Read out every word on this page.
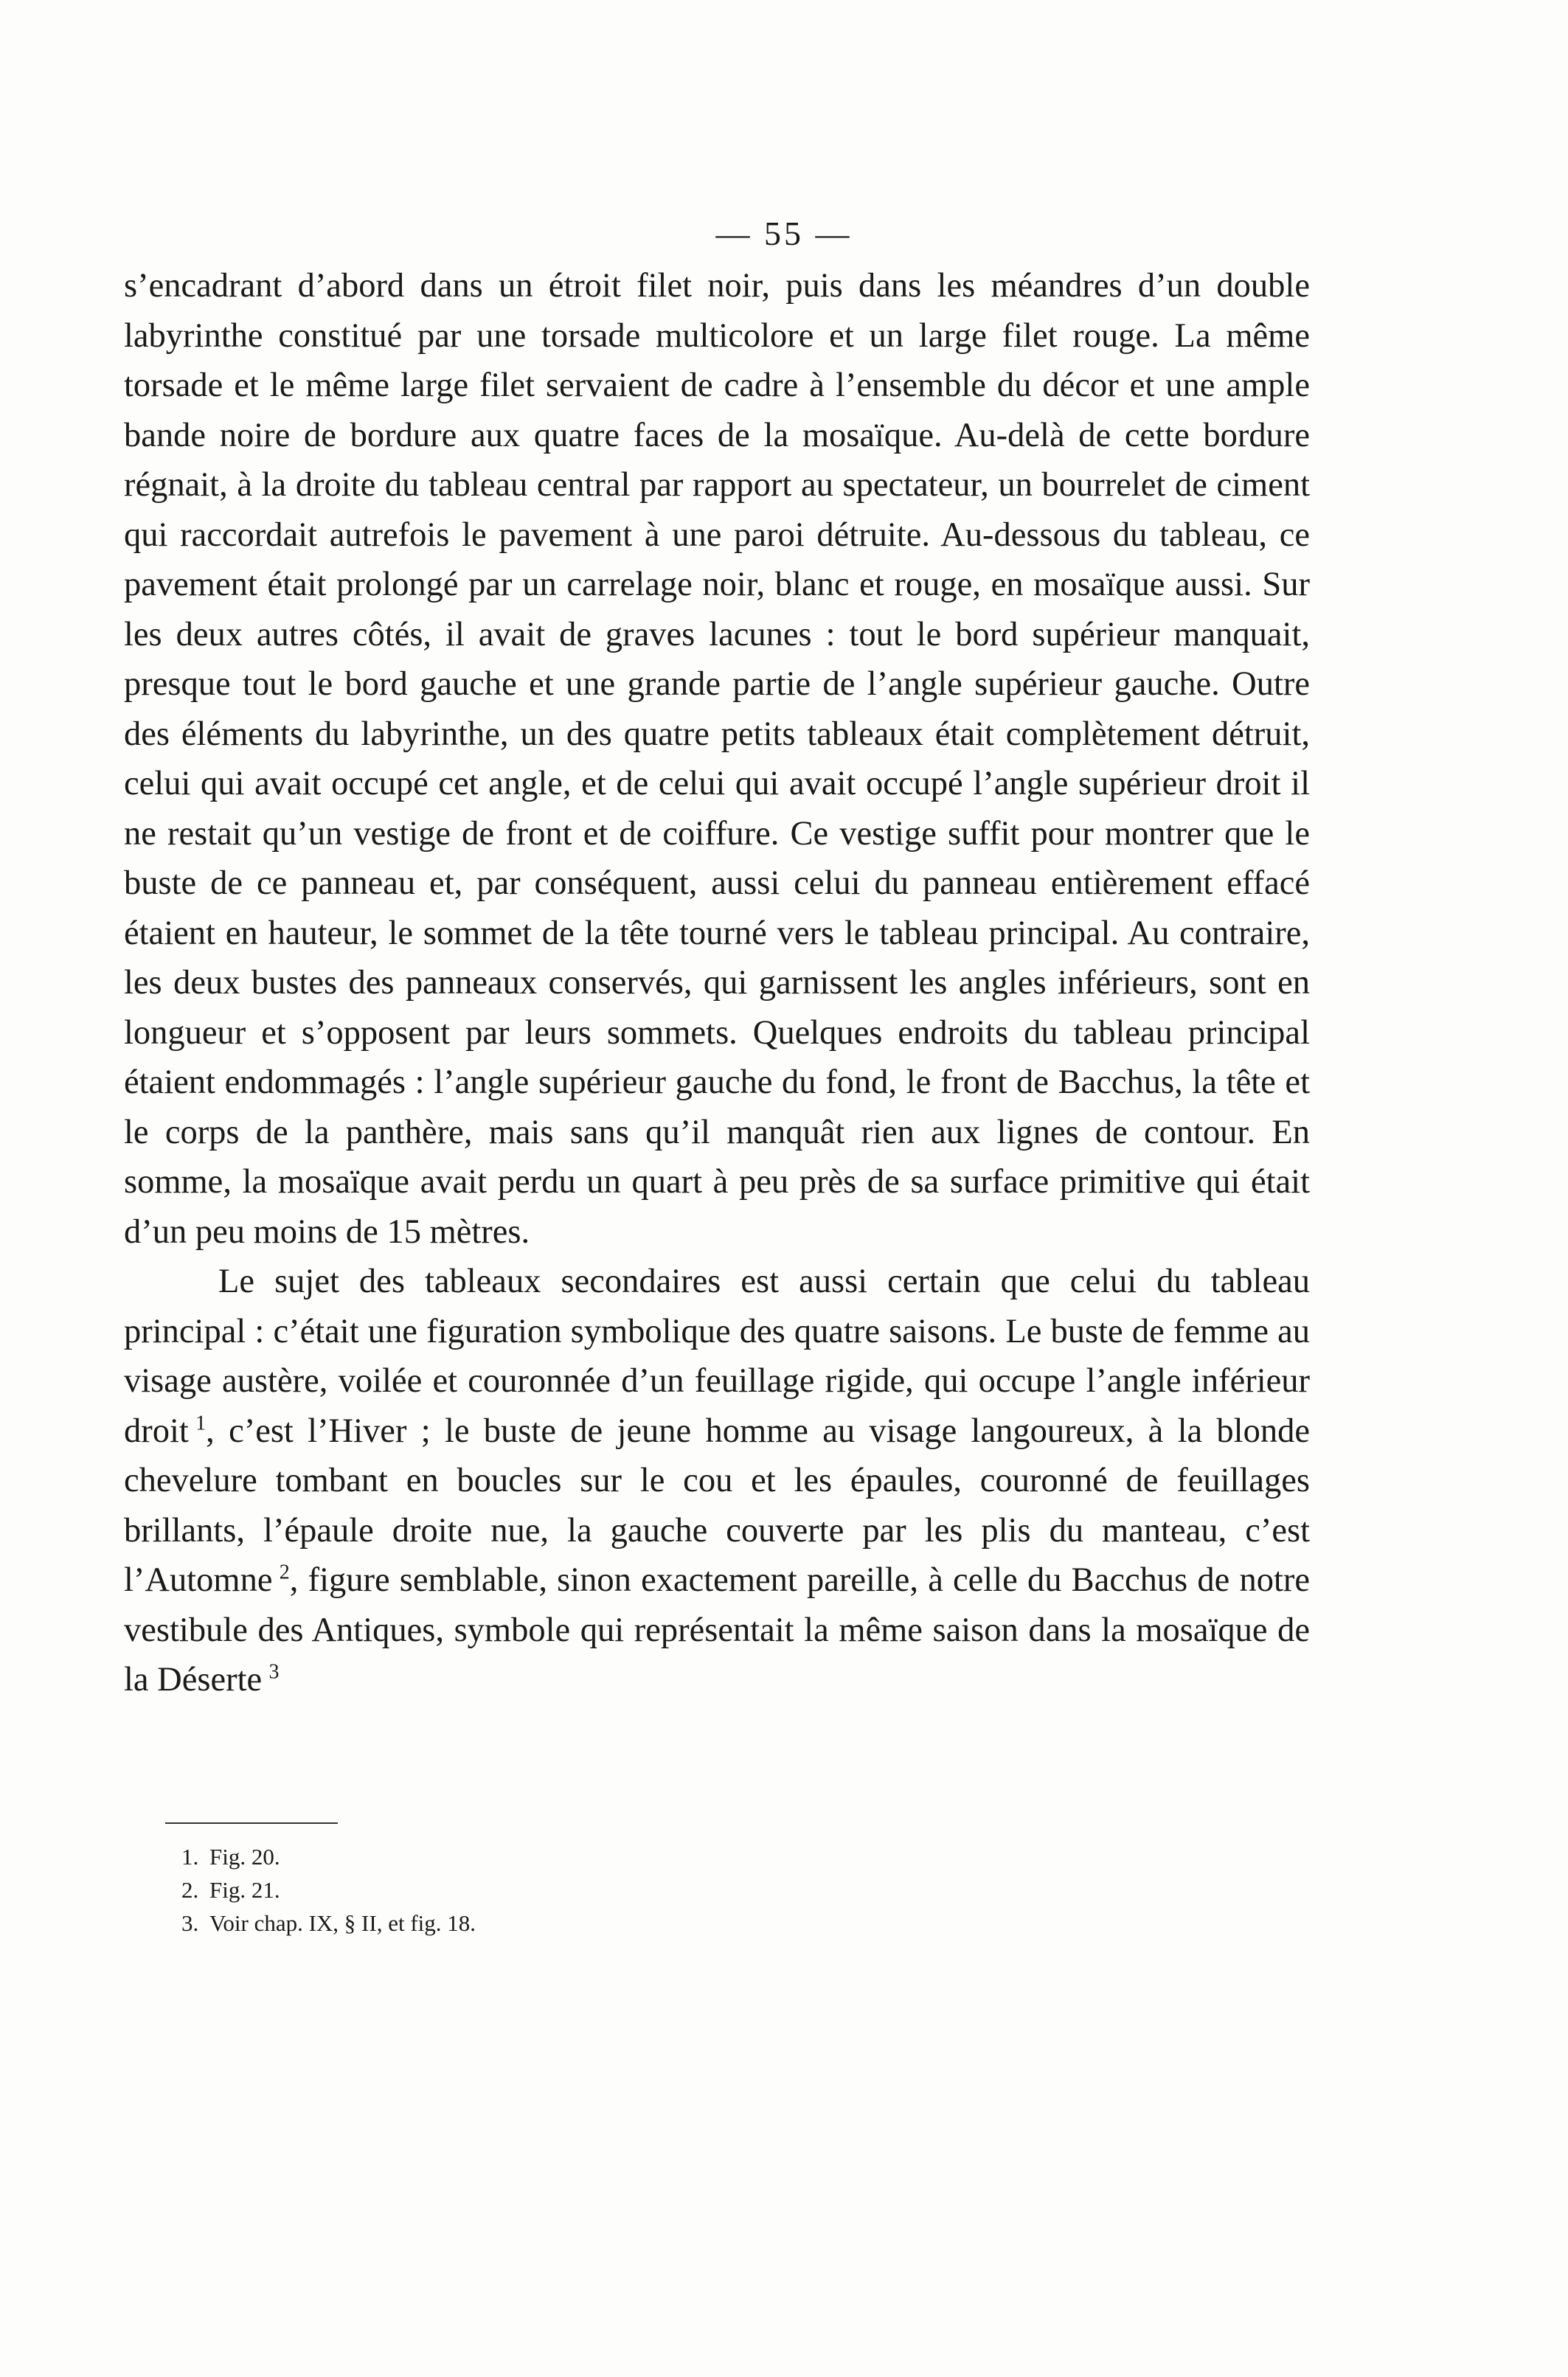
— 55 —

s’encadrant d’abord dans un étroit filet noir, puis dans les méandres d’un double labyrinthe constitué par une torsade multicolore et un large filet rouge. La même torsade et le même large filet servaient de cadre à l’ensemble du décor et une ample bande noire de bordure aux quatre faces de la mosaïque. Au-delà de cette bordure régnait, à la droite du tableau central par rapport au spectateur, un bourrelet de ciment qui raccordait autrefois le pavement à une paroi détruite. Au-dessous du tableau, ce pavement était prolongé par un carrelage noir, blanc et rouge, en mosaïque aussi. Sur les deux autres côtés, il avait de graves lacunes : tout le bord supérieur manquait, presque tout le bord gauche et une grande partie de l’angle supérieur gauche. Outre des éléments du labyrinthe, un des quatre petits tableaux était complètement détruit, celui qui avait occupé cet angle, et de celui qui avait occupé l’angle supérieur droit il ne restait qu’un vestige de front et de coiffure. Ce vestige suffit pour montrer que le buste de ce panneau et, par conséquent, aussi celui du panneau entièrement effacé étaient en hauteur, le sommet de la tête tourné vers le tableau principal. Au contraire, les deux bustes des panneaux conservés, qui garnissent les angles inférieurs, sont en longueur et s’opposent par leurs sommets. Quelques endroits du tableau principal étaient endommagés : l’angle supérieur gauche du fond, le front de Bacchus, la tête et le corps de la panthère, mais sans qu’il manquât rien aux lignes de contour. En somme, la mosaïque avait perdu un quart à peu près de sa surface primitive qui était d’un peu moins de 15 mètres.

Le sujet des tableaux secondaires est aussi certain que celui du tableau principal : c’était une figuration symbolique des quatre saisons. Le buste de femme au visage austère, voilée et couronnée d’un feuillage rigide, qui occupe l’angle inférieur droit  $^1$, c’est l’Hiver ; le buste de jeune homme au visage langoureux, à la blonde chevelure tombant en boucles sur le cou et les épaules, couronné de feuillages brillants, l’épaule droite nue, la gauche couverte par les plis du manteau, c’est l’Automne  $^2$, figure semblable, sinon exactement pareille, à celle du Bacchus de notre vestibule des Antiques, symbole qui représentait la même saison dans la mosaïque de la Déserte  $^3$

1. Fig. 20.

2. Fig. 21.

3. Voir chap. IX, § II, et fig. 18.
